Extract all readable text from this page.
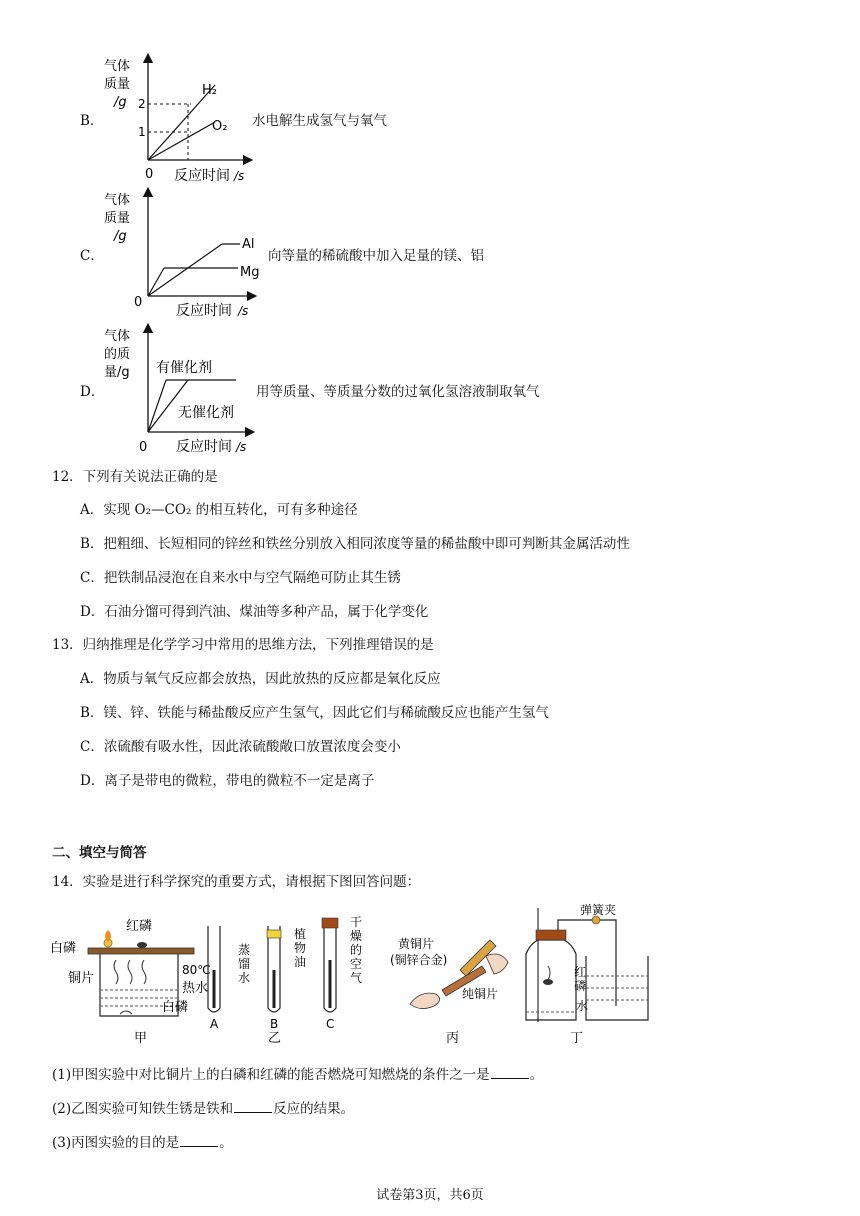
B．
气体
质量
/g 2
1
0 反应时间 /s
H₂
O₂ 水电解生成氢气与氧气
C．
气体
质量
/g
0
反应时间 /s
Al
Mg
向等量的稀硫酸中加入足量的镁、铝
D．
气体
的质
量/g
0 反应时间 /s
有催化剂
无催化剂
用等质量、等质量分数的过氧化氢溶液制取氧气
12．下列有关说法正确的是
A．实现 O₂—CO₂ 的相互转化，可有多种途径
B．把粗细、长短相同的锌丝和铁丝分别放入相同浓度等量的稀盐酸中即可判断其金属活动性
C．把铁制品浸泡在自来水中与空气隔绝可防止其生锈
D．石油分馏可得到汽油、煤油等多种产品，属于化学变化
13．归纳推理是化学学习中常用的思维方法，下列推理错误的是
A．物质与氧气反应都会放热，因此放热的反应都是氧化反应
B．镁、锌、铁能与稀盐酸反应产生氢气，因此它们与稀硫酸反应也能产生氢气
C．浓硫酸有吸水性，因此浓硫酸敞口放置浓度会变小
D．离子是带电的微粒，带电的微粒不一定是离子
二、填空与简答
14．实验是进行科学探究的重要方式，请根据下图回答问题：
白磷
红磷
铜片
80℃
热水
白磷
甲
蒸
馏
水
植
物
油
干
燥
的
空
气
A	B	C
乙
黄铜片
(铜锌合金)
纯铜片
丙
弹簧夹
红
磷
水
丁
(1)甲图实验中对比铜片上的白磷和红磷的能否燃烧可知燃烧的条件之一是	。
(2)乙图实验可知铁生锈是铁和	反应的结果。
(3)丙图实验的目的是	。
试卷第3页，共6页
